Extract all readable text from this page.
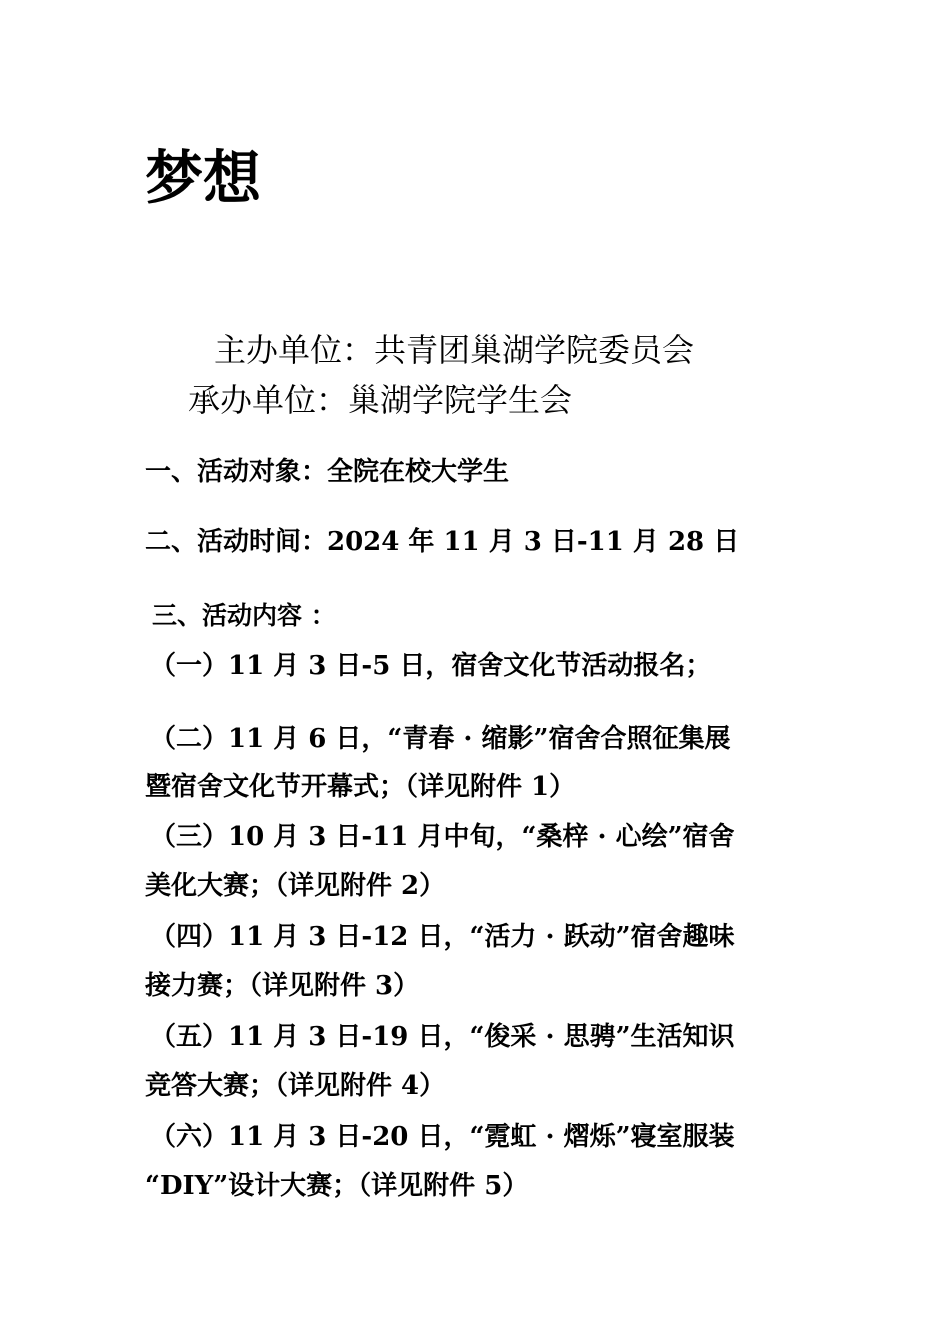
梦想

主办单位：共青团巢湖学院委员会

承办单位：巢湖学院学生会

一、活动对象：全院在校大学生

二、活动时间：2024 年 11 月 3 日-11 月 28 日

三、活动内容 ：

（一）11 月 3 日-5 日，宿舍文化节活动报名；

（二）11 月 6 日，“青春 · 缩影”宿舍合照征集展

暨宿舍文化节开幕式；（详见附件 1）

（三）10 月 3 日-11 月中旬，“桑梓 · 心绘”宿舍

美化大赛；（详见附件 2）

（四）11 月 3 日-12 日，“活力 · 跃动”宿舍趣味

接力赛；（详见附件 3）

（五）11 月 3 日-19 日，“俊采 · 思骋”生活知识

竞答大赛；（详见附件 4）

（六）11 月 3 日-20 日，“霓虹 · 熠烁”寝室服装

“DIY”设计大赛；（详见附件 5）
